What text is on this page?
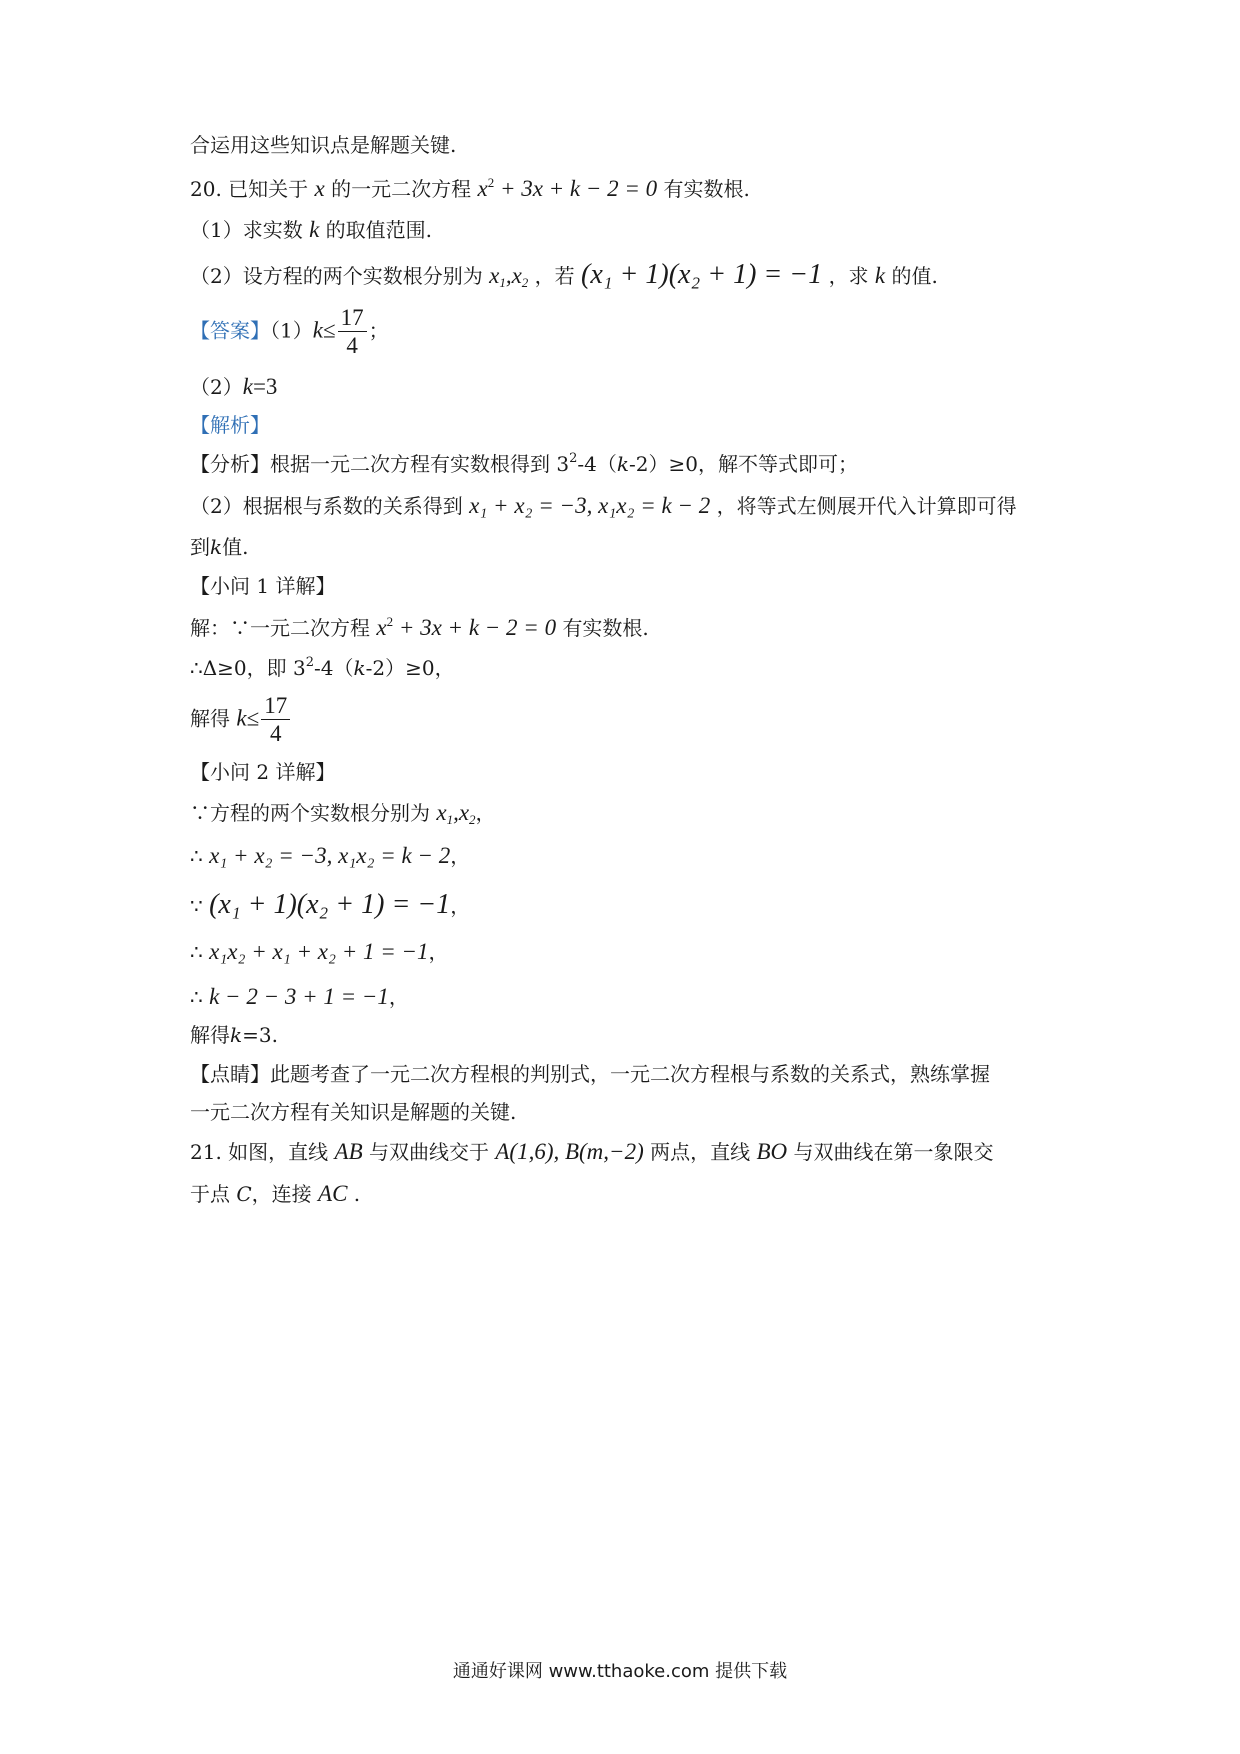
合运用这些知识点是解题关键.
20. 已知关于 x 的一元二次方程 $x^2 + 3x + k - 2 = 0$ 有实数根.
（1）求实数 k 的取值范围.
（2）设方程的两个实数根分别为 $x_1,x_2$ ，若 (x₁ + 1)(x₂ + 1) = −1 ，求 k 的值.
【答案】$(1)k\le \frac{17}{4}$ ；
（2）k=3
【解析】
【分析】根据一元二次方程有实数根得到 $3^2-4(k-2)\ge 0$，解不等式即可；
（2）根据根与系数的关系得到 x₁ + x₂ = −3, x₁x₂ = k − 2 ，将等式左侧展开代入计算即可得
到k值.
【小问 1 详解】
解：∵一元二次方程 $x^2 + 3x + k - 2 = 0$ 有实数根.
∴Δ≥0，即 $3^2-4(k-2)\ge 0$，
解得 $k\le \frac{17}{4}$
【小问 2 详解】
∵方程的两个实数根分别为 $x_1,x_2$，
∴ x₁ + x₂ = −3, x₁x₂ = k − 2，
∵ (x₁ + 1)(x₂ + 1) = −1，
∴ x₁x₂ + x₁ + x₂ + 1 = −1，
∴ k − 2 − 3 + 1 = −1，
解得k=3.
【点睛】此题考查了一元二次方程根的判别式，一元二次方程根与系数的关系式，熟练掌握
一元二次方程有关知识是解题的关键.
21. 如图，直线 AB 与双曲线交于 A(1,6), B(m,−2) 两点，直线 BO 与双曲线在第一象限交
于点 C，连接 AC .
通通好课网 www.tthaoke.com 提供下载
